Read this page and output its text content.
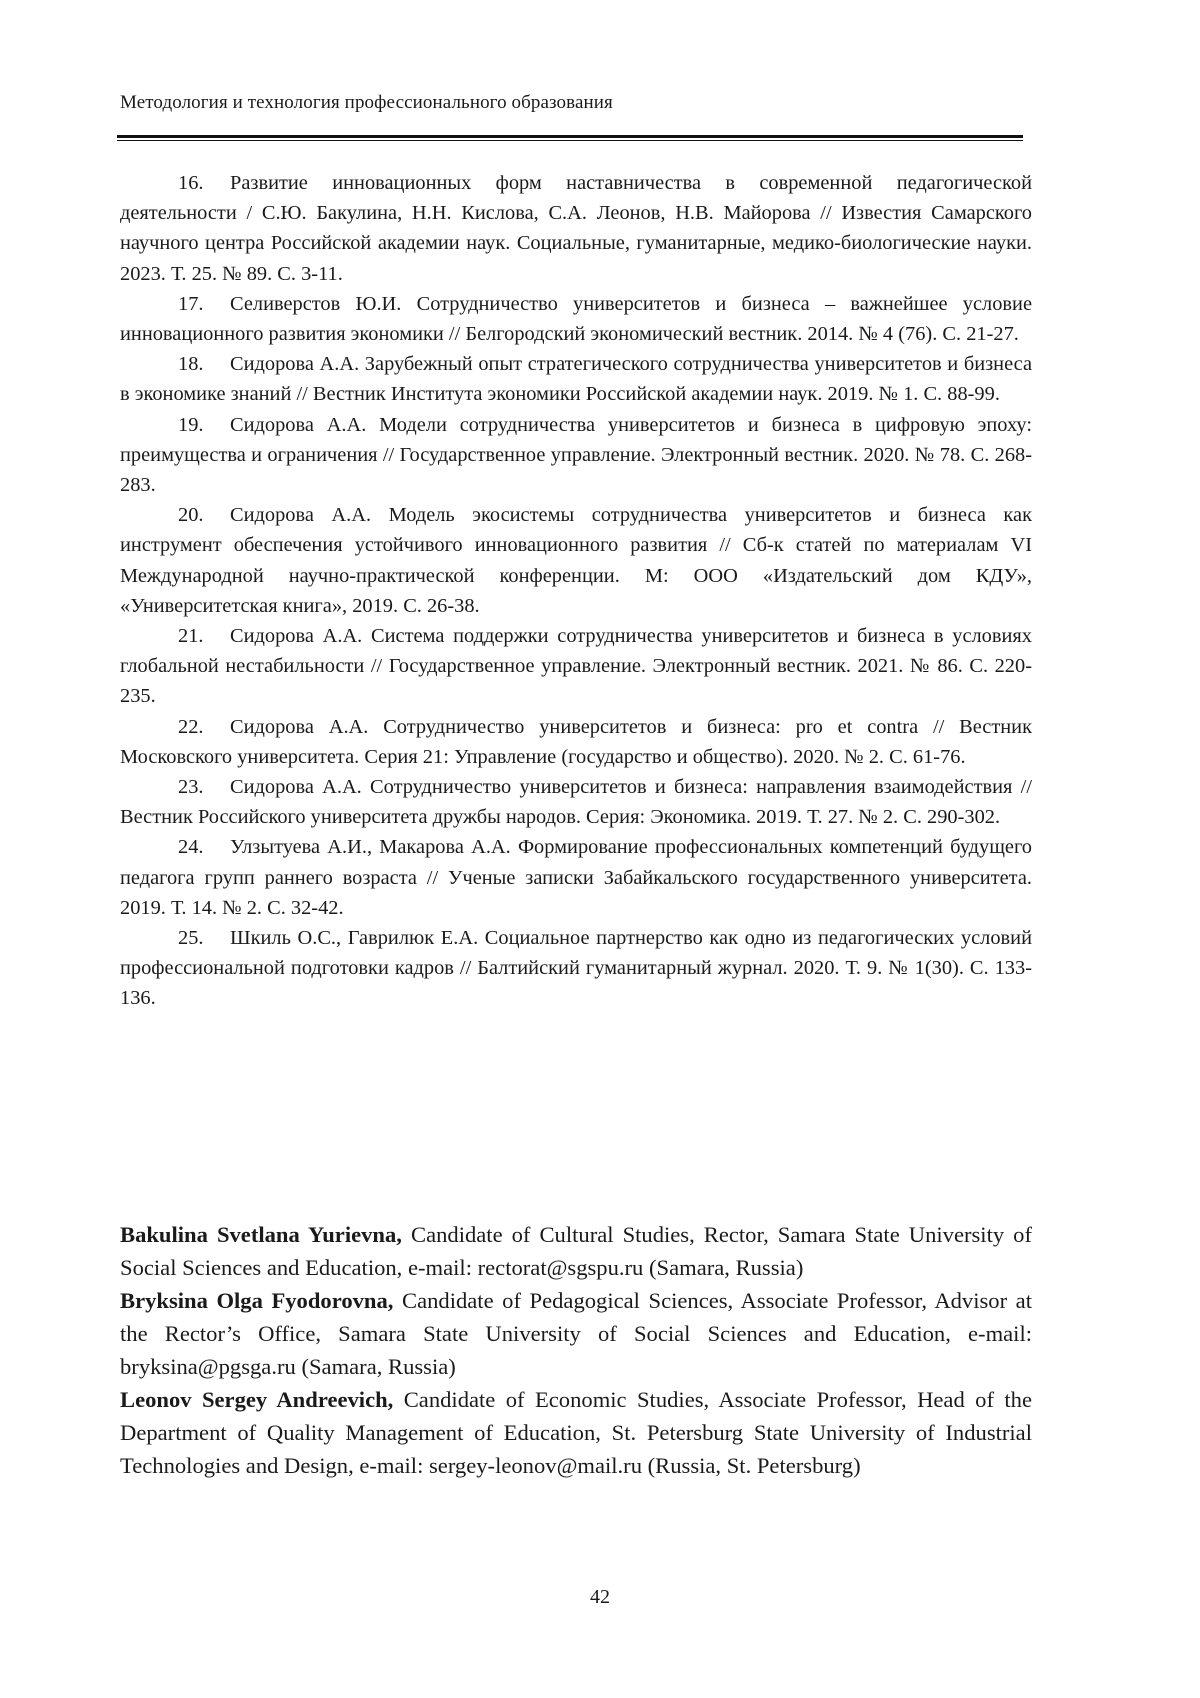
Методология и технология профессионального образования

16. Развитие инновационных форм наставничества в современной педагогической деятельности / С.Ю. Бакулина, Н.Н. Кислова, С.А. Леонов, Н.В. Майорова // Известия Самарского научного центра Российской академии наук. Социальные, гуманитарные, медико-биологические науки. 2023. Т. 25. № 89. С. 3-11.

17. Селиверстов Ю.И. Сотрудничество университетов и бизнеса – важнейшее условие инновационного развития экономики // Белгородский экономический вестник. 2014. № 4 (76). С. 21-27.

18. Сидорова А.А. Зарубежный опыт стратегического сотрудничества университетов и бизнеса в экономике знаний // Вестник Института экономики Российской академии наук. 2019. № 1. С. 88-99.

19. Сидорова А.А. Модели сотрудничества университетов и бизнеса в цифровую эпоху: преимущества и ограничения // Государственное управление. Электронный вестник. 2020. № 78. С. 268-283.

20. Сидорова А.А. Модель экосистемы сотрудничества университетов и бизнеса как инструмент обеспечения устойчивого инновационного развития // Сб-к статей по материалам VI Международной научно-практической конференции. М: ООО «Издательский дом КДУ», «Университетская книга», 2019. С. 26-38.

21. Сидорова А.А. Система поддержки сотрудничества университетов и бизнеса в условиях глобальной нестабильности // Государственное управление. Электронный вестник. 2021. № 86. С. 220-235.

22. Сидорова А.А. Сотрудничество университетов и бизнеса: pro et contra // Вестник Московского университета. Серия 21: Управление (государство и общество). 2020. № 2. С. 61-76.

23. Сидорова А.А. Сотрудничество университетов и бизнеса: направления взаимодействия // Вестник Российского университета дружбы народов. Серия: Экономика. 2019. Т. 27. № 2. С. 290-302.

24. Улзытуева А.И., Макарова А.А. Формирование профессиональных компетенций будущего педагога групп раннего возраста // Ученые записки Забайкальского государственного университета. 2019. Т. 14. № 2. С. 32-42.

25. Шкиль О.С., Гаврилюк Е.А. Социальное партнерство как одно из педагогических условий профессиональной подготовки кадров // Балтийский гуманитарный журнал. 2020. Т. 9. № 1(30). С. 133-136.

Bakulina Svetlana Yurievna, Candidate of Cultural Studies, Rector, Samara State University of Social Sciences and Education, e-mail: rectorat@sgspu.ru (Samara, Russia)

Bryksina Olga Fyodorovna, Candidate of Pedagogical Sciences, Associate Professor, Advisor at the Rector’s Office, Samara State University of Social Sciences and Education, e-mail: bryksina@pgsga.ru (Samara, Russia)

Leonov Sergey Andreevich, Candidate of Economic Studies, Associate Professor, Head of the Department of Quality Management of Education, St. Petersburg State University of Industrial Technologies and Design, e-mail: sergey-leonov@mail.ru (Russia, St. Petersburg)

42
